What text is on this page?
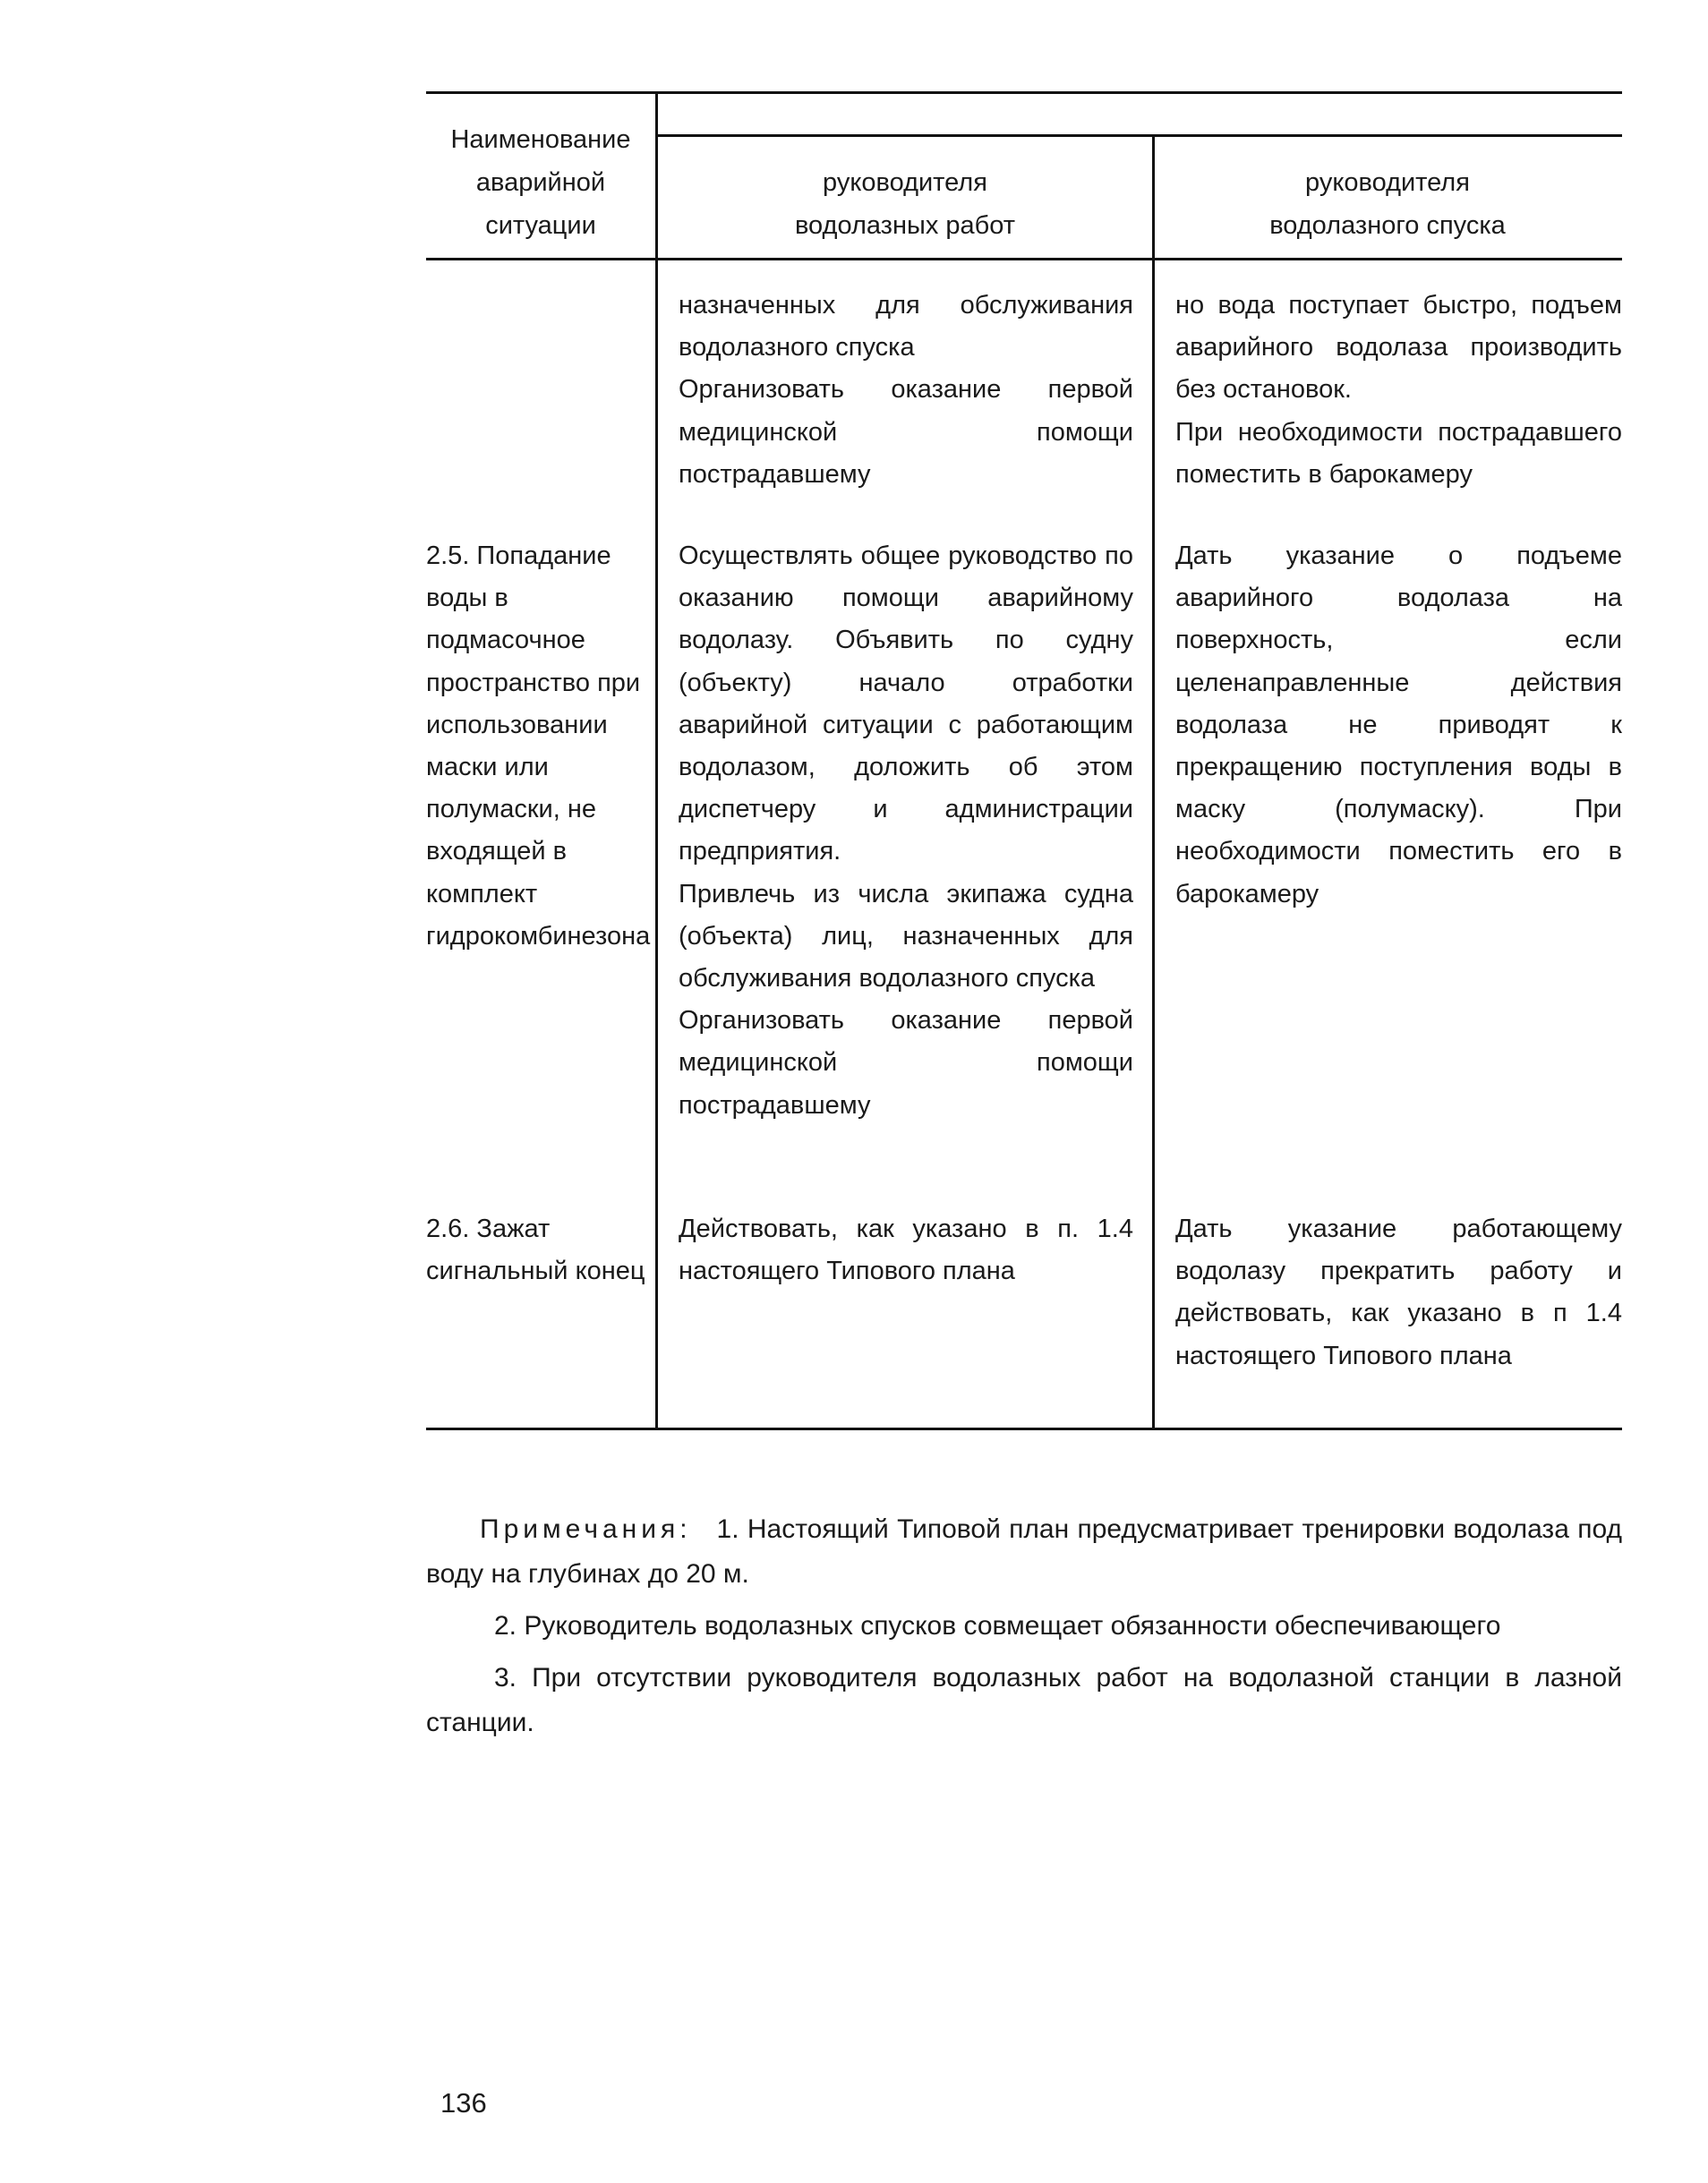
Наименование аварийной ситуации
руководителя водолазных работ
руководителя водолазного спуска

назначенных для обслуживания водолазного спуска

Организовать оказание первой медицинской помощи пострадавшему

но вода поступает быстро, подъем аварийного водолаза производить без остановок.

При необходимости пострадавшего поместить в барокамеру

2.5. Попадание воды в подмасочное пространство при использовании маски или полумаски, не входящей в комплект гидрокомбинезона

Осуществлять общее руководство по оказанию помощи аварийному водолазу. Объявить по судну (объекту) начало отработки аварийной ситуации с работающим водолазом, доложить об этом диспетчеру и администрации предприятия.

Привлечь из числа экипажа судна (объекта) лиц, назначенных для обслуживания водолазного спуска

Организовать оказание первой медицинской помощи пострадавшему

Дать указание о подъеме аварийного водолаза на поверхность, если целенаправленные действия водолаза не приводят к прекращению поступления воды в маску (полумаску). При необходимости поместить его в барокамеру
2.6. Зажат сигнальный конец
Действовать, как указано в п. 1.4 настоящего Типового плана
Дать указание работающему водолазу прекратить работу и действовать, как указано в п 1.4 настоящего Типового плана

Примечания: 1. Настоящий Типовой план предусматривает тренировки водолаза под воду на глубинах до 20 м.

2. Руководитель водолазных спусков совмещает обязанности обеспечивающего

3. При отсутствии руководителя водолазных работ на водолазной станции в лазной станции.

136
